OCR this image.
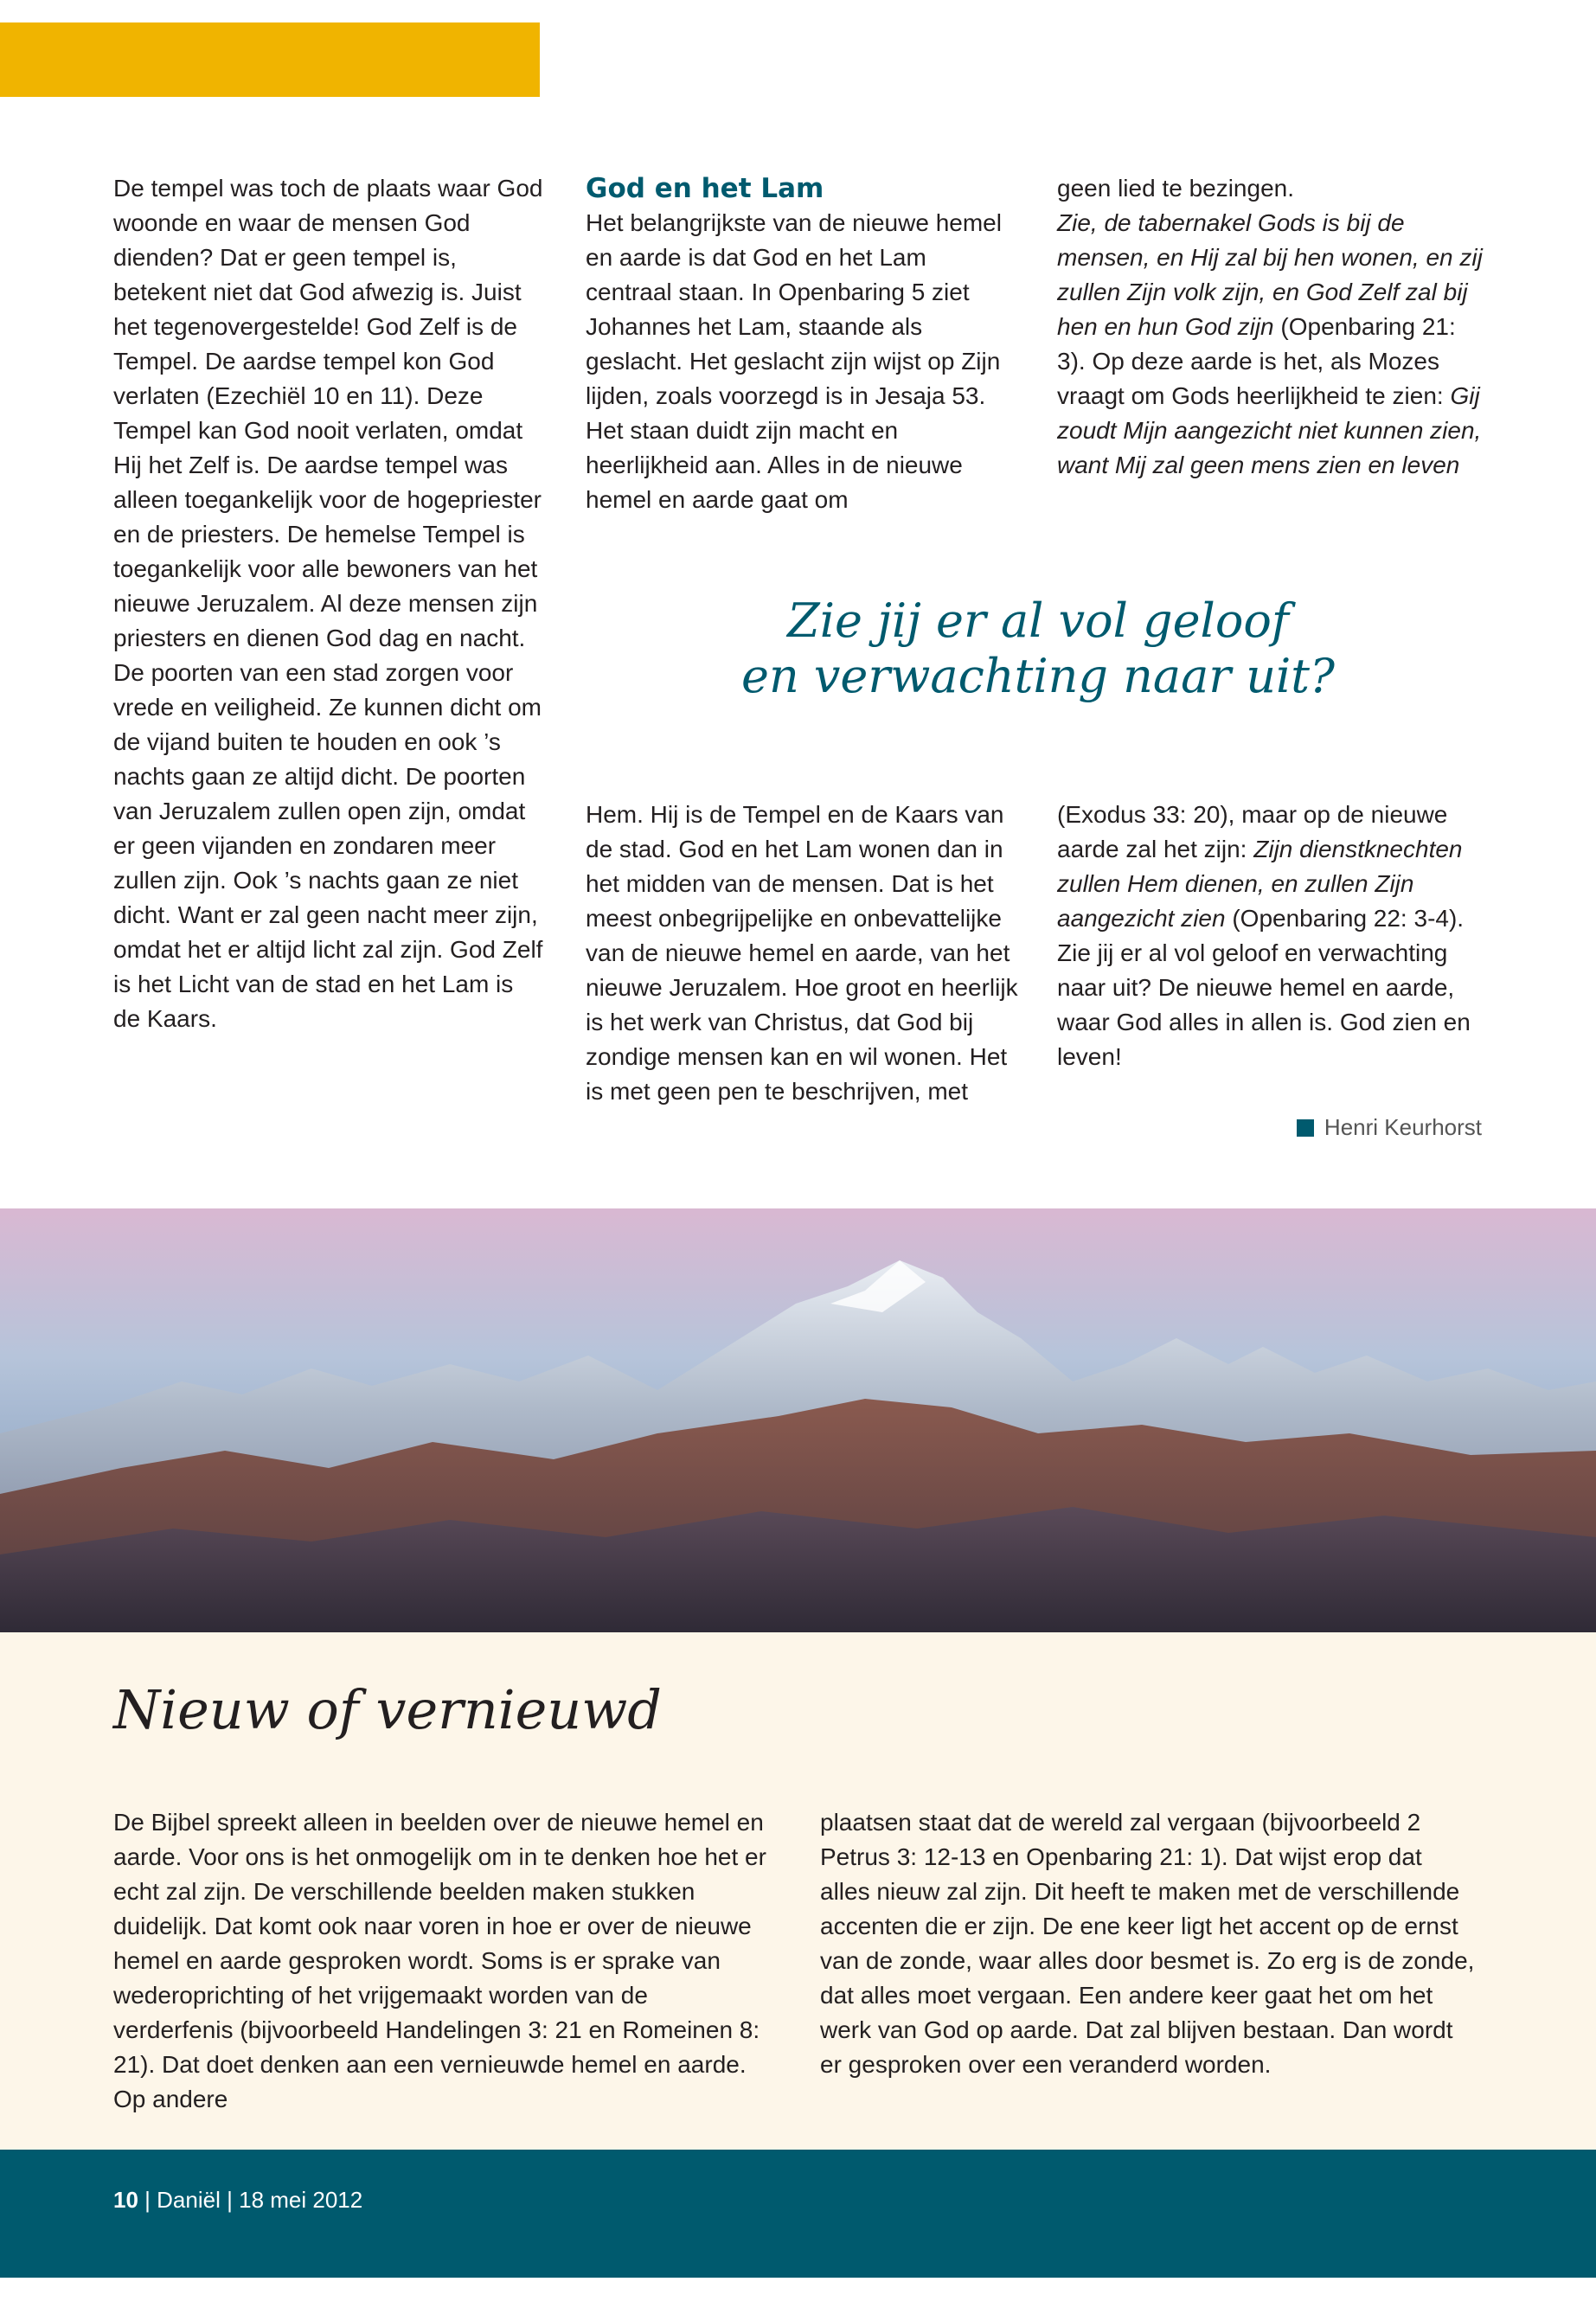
De tempel was toch de plaats waar God woonde en waar de mensen God dienden? Dat er geen tempel is, betekent niet dat God afwezig is. Juist het tegenovergestelde! God Zelf is de Tempel. De aardse tempel kon God verlaten (Ezechiël 10 en 11). Deze Tempel kan God nooit verlaten, omdat Hij het Zelf is. De aardse tempel was alleen toegankelijk voor de hogepriester en de priesters. De hemelse Tempel is toegankelijk voor alle bewoners van het nieuwe Jeruzalem. Al deze mensen zijn priesters en dienen God dag en nacht.

De poorten van een stad zorgen voor vrede en veiligheid. Ze kunnen dicht om de vijand buiten te houden en ook ’s nachts gaan ze altijd dicht. De poorten van Jeruzalem zullen open zijn, omdat er geen vijanden en zondaren meer zullen zijn. Ook ’s nachts gaan ze niet dicht. Want er zal geen nacht meer zijn, omdat het er altijd licht zal zijn. God Zelf is het Licht van de stad en het Lam is de Kaars.

God en het Lam

Het belangrijkste van de nieuwe hemel en aarde is dat God en het Lam centraal staan. In Openbaring 5 ziet Johannes het Lam, staande als geslacht. Het geslacht zijn wijst op Zijn lijden, zoals voorzegd is in Jesaja 53. Het staan duidt zijn macht en heerlijkheid aan. Alles in de nieuwe hemel en aarde gaat om

geen lied te bezingen.
Zie, de tabernakel Gods is bij de mensen, en Hij zal bij hen wonen, en zij zullen Zijn volk zijn, en God Zelf zal bij hen en hun God zijn (Openbaring 21: 3). Op deze aarde is het, als Mozes vraagt om Gods heerlijkheid te zien: Gij zoudt Mijn aangezicht niet kunnen zien, want Mij zal geen mens zien en leven

Zie jij er al vol geloof
en verwachting naar uit?

Hem. Hij is de Tempel en de Kaars van de stad. God en het Lam wonen dan in het midden van de mensen. Dat is het meest onbegrijpelijke en onbevattelijke van de nieuwe hemel en aarde, van het nieuwe Jeruzalem. Hoe groot en heerlijk is het werk van Christus, dat God bij zondige mensen kan en wil wonen. Het is met geen pen te beschrijven, met

(Exodus 33: 20), maar op de nieuwe aarde zal het zijn: Zijn dienstknechten zullen Hem dienen, en zullen Zijn aangezicht zien (Openbaring 22: 3-4). Zie jij er al vol geloof en verwachting naar uit? De nieuwe hemel en aarde, waar God alles in allen is. God zien en leven!

Henri Keurhorst
Nieuw of vernieuwd
De Bijbel spreekt alleen in beelden over de nieuwe hemel en aarde. Voor ons is het onmogelijk om in te denken hoe het er echt zal zijn. De verschillende beelden maken stukken duidelijk. Dat komt ook naar voren in hoe er over de nieuwe hemel en aarde gesproken wordt. Soms is er sprake van wederoprichting of het vrijgemaakt worden van de verderfenis (bijvoorbeeld Handelingen 3: 21 en Romeinen 8: 21). Dat doet denken aan een vernieuwde hemel en aarde. Op andere
plaatsen staat dat de wereld zal vergaan (bijvoorbeeld 2 Petrus 3: 12-13 en Openbaring 21: 1). Dat wijst erop dat alles nieuw zal zijn. Dit heeft te maken met de verschillende accenten die er zijn. De ene keer ligt het accent op de ernst van de zonde, waar alles door besmet is. Zo erg is de zonde, dat alles moet vergaan. Een andere keer gaat het om het werk van God op aarde. Dat zal blijven bestaan. Dan wordt er gesproken over een veranderd worden.
10 | Daniël | 18 mei 2012
